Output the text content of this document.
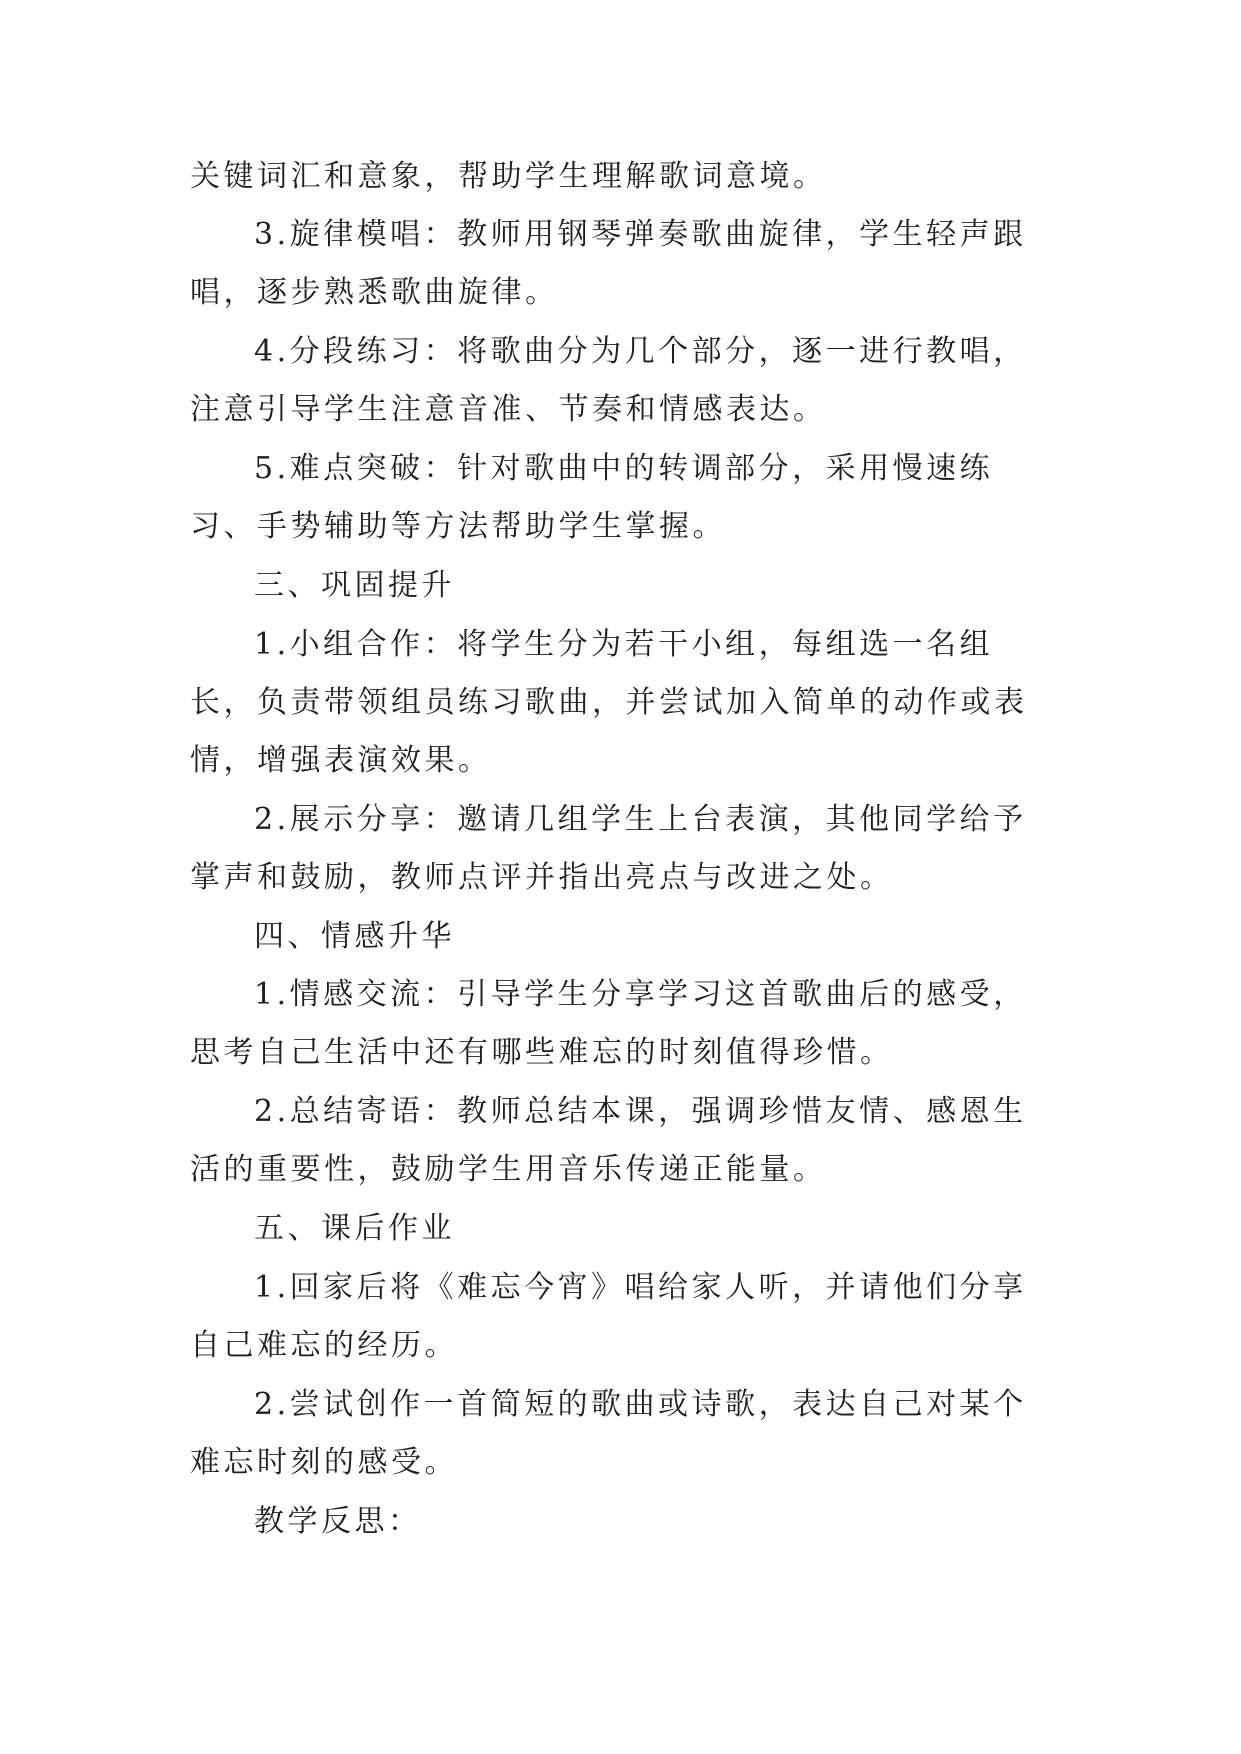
关键词汇和意象，帮助学生理解歌词意境。

3.旋律模唱：教师用钢琴弹奏歌曲旋律，学生轻声跟唱，逐步熟悉歌曲旋律。

4.分段练习：将歌曲分为几个部分，逐一进行教唱，注意引导学生注意音准、节奏和情感表达。

5.难点突破：针对歌曲中的转调部分，采用慢速练习、手势辅助等方法帮助学生掌握。

三、巩固提升

1.小组合作：将学生分为若干小组，每组选一名组长，负责带领组员练习歌曲，并尝试加入简单的动作或表情，增强表演效果。

2.展示分享：邀请几组学生上台表演，其他同学给予掌声和鼓励，教师点评并指出亮点与改进之处。

四、情感升华

1.情感交流：引导学生分享学习这首歌曲后的感受，思考自己生活中还有哪些难忘的时刻值得珍惜。

2.总结寄语：教师总结本课，强调珍惜友情、感恩生活的重要性，鼓励学生用音乐传递正能量。

五、课后作业

1.回家后将《难忘今宵》唱给家人听，并请他们分享自己难忘的经历。

2.尝试创作一首简短的歌曲或诗歌，表达自己对某个难忘时刻的感受。

教学反思：
